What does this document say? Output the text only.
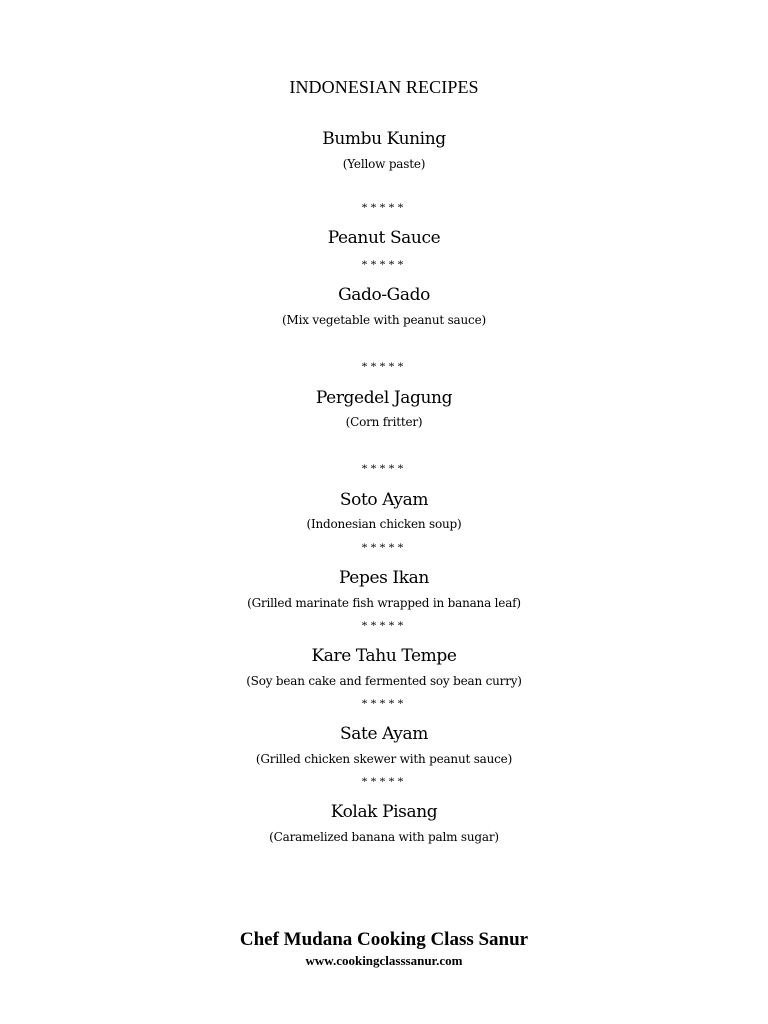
INDONESIAN RECIPES
Bumbu Kuning
(Yellow paste)
*****
Peanut Sauce
*****
Gado-Gado
(Mix vegetable with peanut sauce)
*****
Pergedel Jagung
(Corn fritter)
*****
Soto Ayam
(Indonesian chicken soup)
*****
Pepes Ikan
(Grilled marinate fish wrapped in banana leaf)
*****
Kare Tahu Tempe
(Soy bean cake and fermented soy bean curry)
*****
Sate Ayam
(Grilled chicken skewer with peanut sauce)
*****
Kolak Pisang
(Caramelized banana with palm sugar)
Chef Mudana Cooking Class Sanur
www.cookingclasssanur.com
